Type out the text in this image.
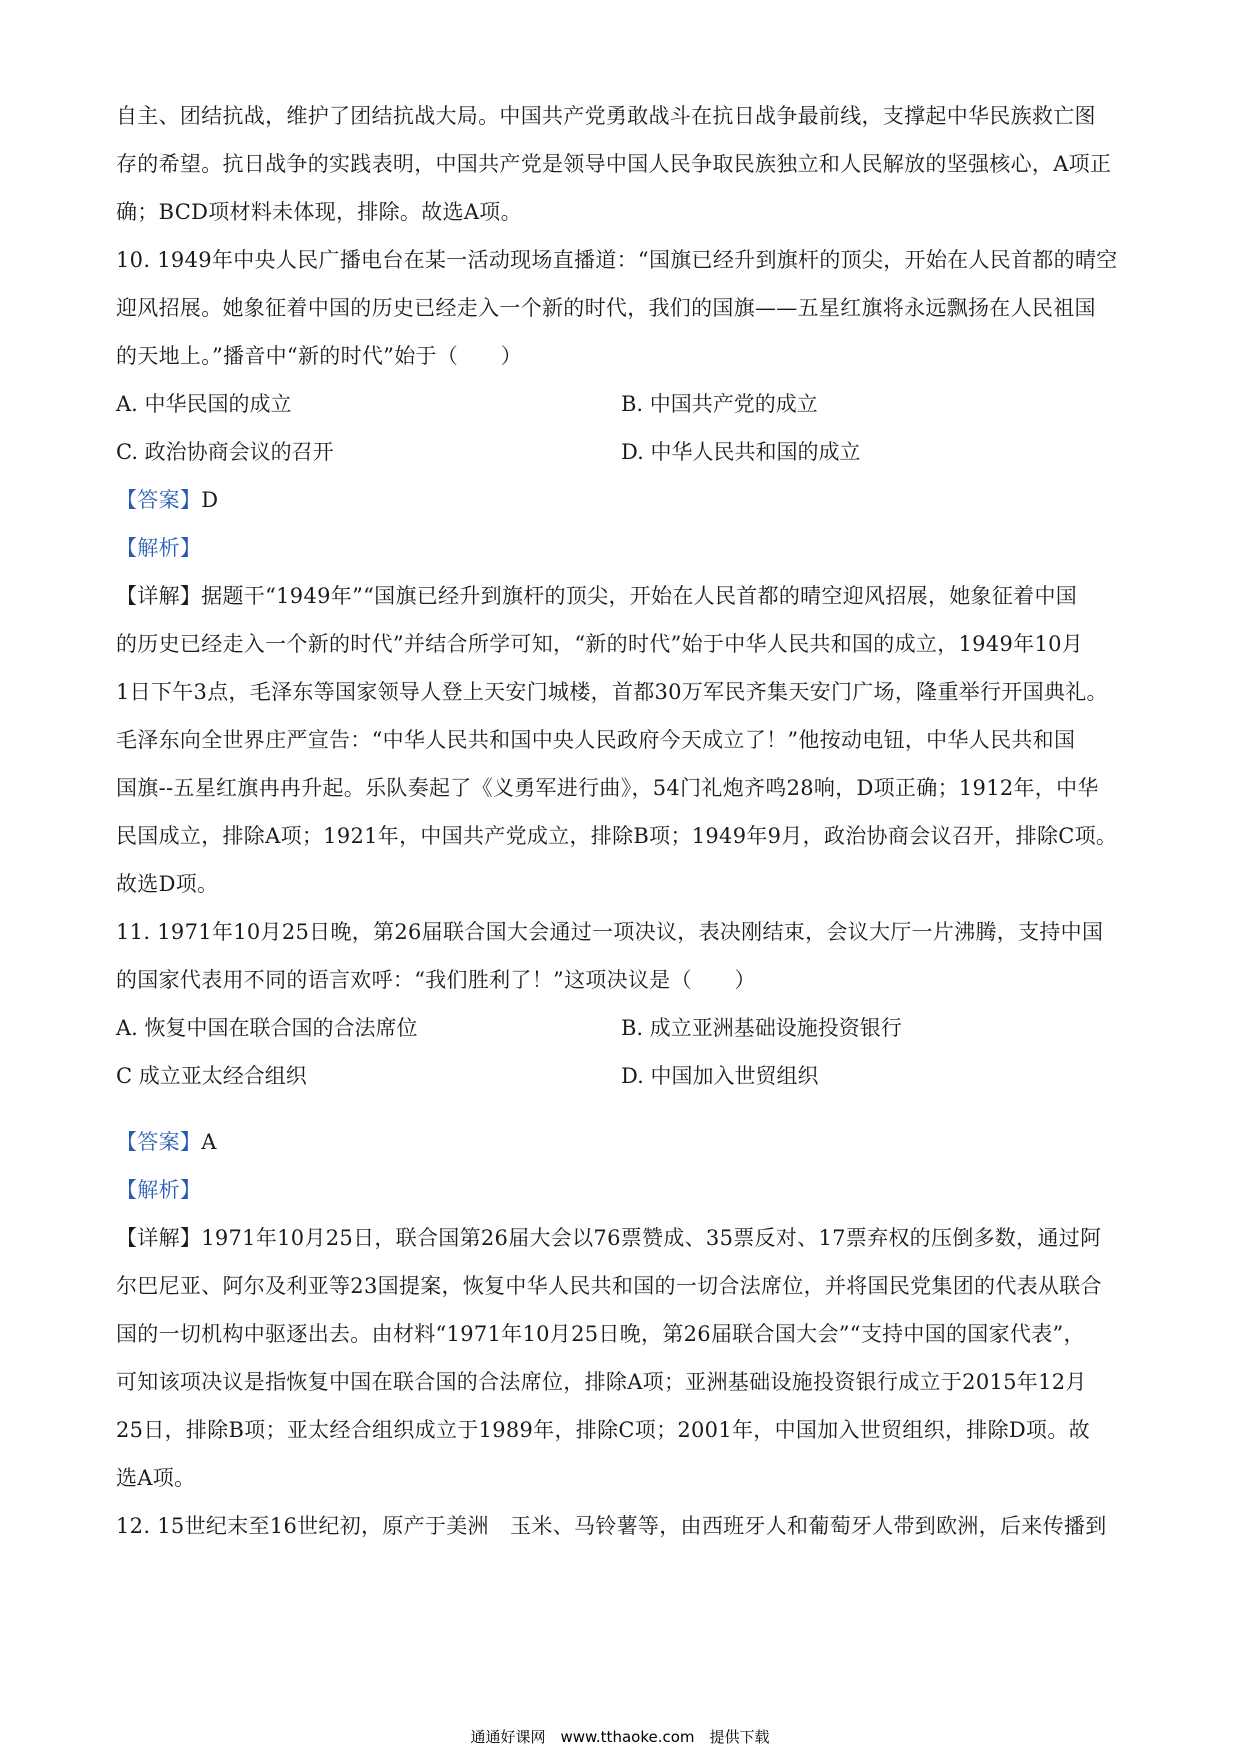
自主、团结抗战，维护了团结抗战大局。中国共产党勇敢战斗在抗日战争最前线，支撑起中华民族救亡图
存的希望。抗日战争的实践表明，中国共产党是领导中国人民争取民族独立和人民解放的坚强核心，A项正
确；BCD项材料未体现，排除。故选A项。
10. 1949年中央人民广播电台在某一活动现场直播道：“国旗已经升到旗杆的顶尖，开始在人民首都的晴空
迎风招展。她象征着中国的历史已经走入一个新的时代，我们的国旗——五星红旗将永远飘扬在人民祖国
的天地上。”播音中“新的时代”始于（　　）
A. 中华民国的成立	B. 中国共产党的成立
C. 政治协商会议的召开	D. 中华人民共和国的成立
【答案】D
【解析】
【详解】据题干“1949年”“国旗已经升到旗杆的顶尖，开始在人民首都的晴空迎风招展，她象征着中国
的历史已经走入一个新的时代”并结合所学可知，“新的时代”始于中华人民共和国的成立，1949年10月
1日下午3点，毛泽东等国家领导人登上天安门城楼，首都30万军民齐集天安门广场，隆重举行开国典礼。
毛泽东向全世界庄严宣告：“中华人民共和国中央人民政府今天成立了！”他按动电钮，中华人民共和国
国旗--五星红旗冉冉升起。乐队奏起了《义勇军进行曲》，54门礼炮齐鸣28响，D项正确；1912年，中华
民国成立，排除A项；1921年，中国共产党成立，排除B项；1949年9月，政治协商会议召开，排除C项。
故选D项。
11. 1971年10月25日晚，第26届联合国大会通过一项决议，表决刚结束，会议大厅一片沸腾，支持中国
的国家代表用不同的语言欢呼：“我们胜利了！”这项决议是（　　）
A. 恢复中国在联合国的合法席位	B. 成立亚洲基础设施投资银行
C 成立亚太经合组织	D. 中国加入世贸组织
【答案】A
【解析】
【详解】1971年10月25日，联合国第26届大会以76票赞成、35票反对、17票弃权的压倒多数，通过阿
尔巴尼亚、阿尔及利亚等23国提案，恢复中华人民共和国的一切合法席位，并将国民党集团的代表从联合
国的一切机构中驱逐出去。由材料“1971年10月25日晚，第26届联合国大会”“支持中国的国家代表”，
可知该项决议是指恢复中国在联合国的合法席位，排除A项；亚洲基础设施投资银行成立于2015年12月
25日，排除B项；亚太经合组织成立于1989年，排除C项；2001年，中国加入世贸组织，排除D项。故
选A项。
12. 15世纪末至16世纪初，原产于美洲　玉米、马铃薯等，由西班牙人和葡萄牙人带到欧洲，后来传播到
通通好课网　www.tthaoke.com　提供下载
